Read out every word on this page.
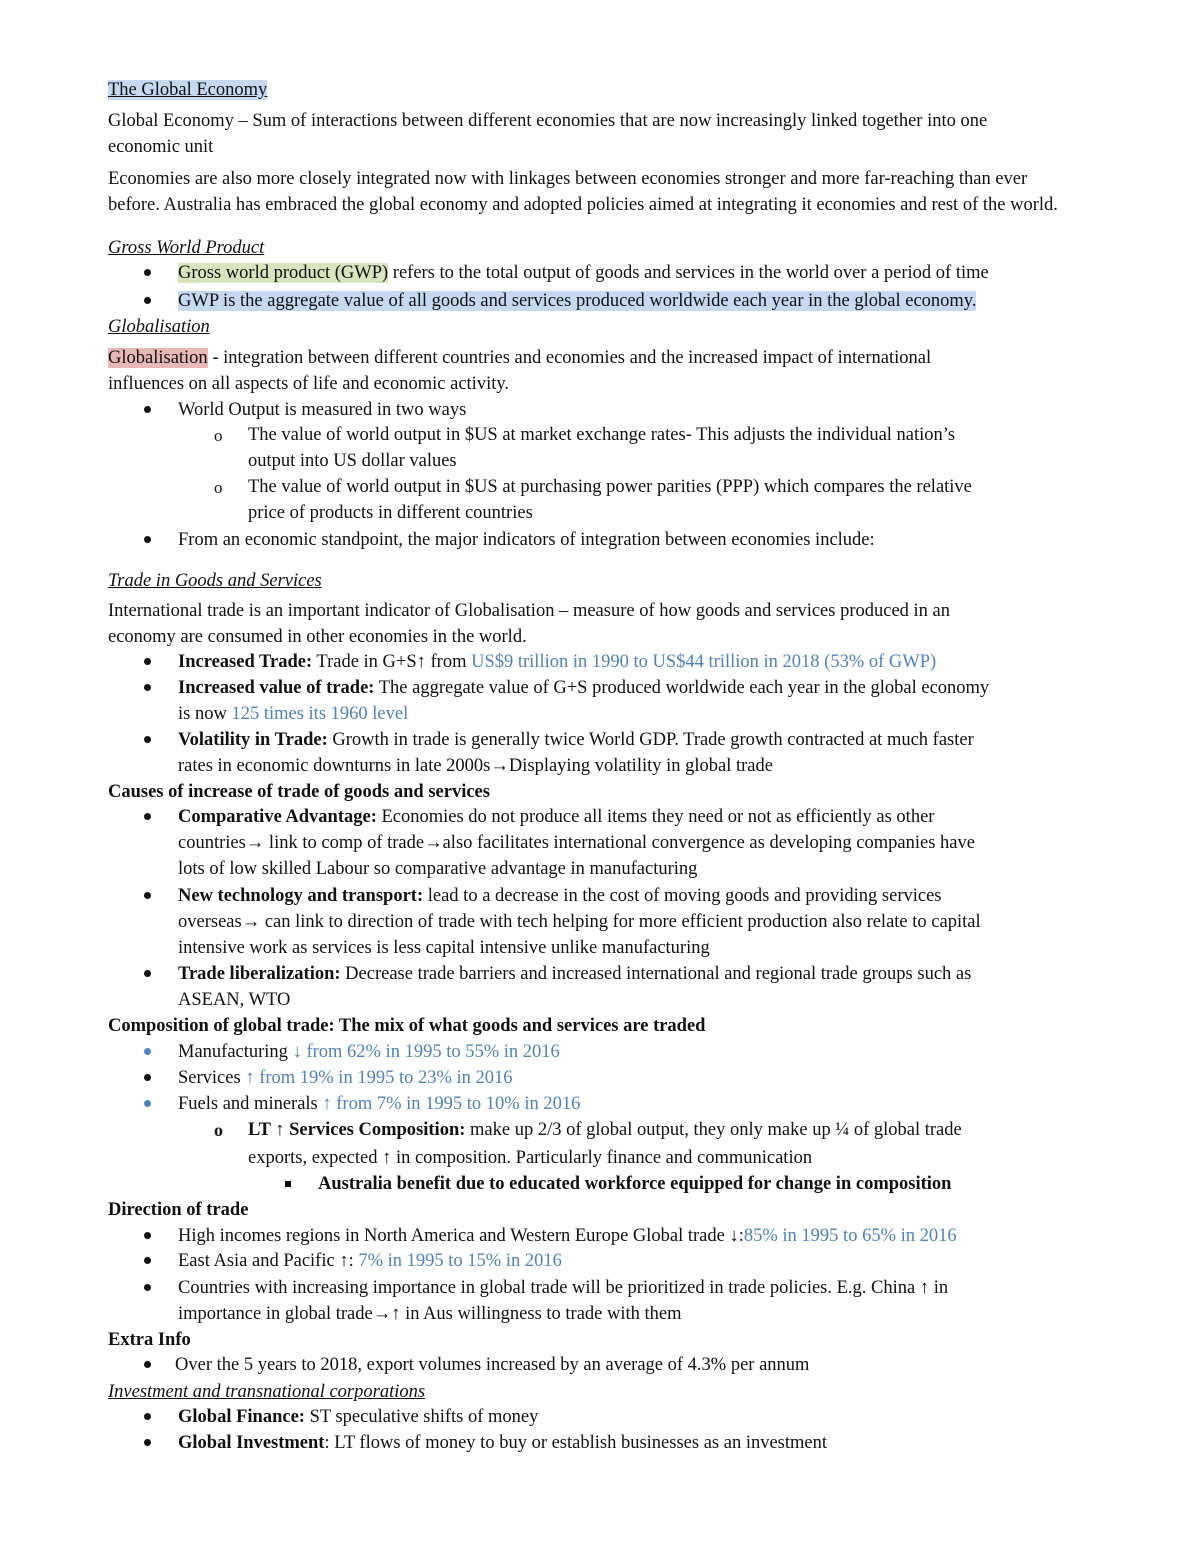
The Global Economy

Global Economy – Sum of interactions between different economies that are now increasingly linked together into one

economic unit

Economies are also more closely integrated now with linkages between economies stronger and more far-reaching than ever

before. Australia has embraced the global economy and adopted policies aimed at integrating it economies and rest of the world.

Gross World Product

Gross world product (GWP) refers to the total output of goods and services in the world over a period of time

GWP is the aggregate value of all goods and services produced worldwide each year in the global economy.

Globalisation

Globalisation - integration between different countries and economies and the increased impact of international

influences on all aspects of life and economic activity.

World Output is measured in two ways

o The value of world output in $US at market exchange rates- This adjusts the individual nation’s

output into US dollar values

o The value of world output in $US at purchasing power parities (PPP) which compares the relative

price of products in different countries

From an economic standpoint, the major indicators of integration between economies include:

Trade in Goods and Services

International trade is an important indicator of Globalisation – measure of how goods and services produced in an

economy are consumed in other economies in the world.

Increased Trade: Trade in G+S↑ from US$9 trillion in 1990 to US$44 trillion in 2018 (53% of GWP)

Increased value of trade: The aggregate value of G+S produced worldwide each year in the global economy

is now 125 times its 1960 level

Volatility in Trade: Growth in trade is generally twice World GDP. Trade growth contracted at much faster

rates in economic downturns in late 2000s→Displaying volatility in global trade

Causes of increase of trade of goods and services

Comparative Advantage: Economies do not produce all items they need or not as efficiently as other

countries→ link to comp of trade→also facilitates international convergence as developing companies have

lots of low skilled Labour so comparative advantage in manufacturing

New technology and transport: lead to a decrease in the cost of moving goods and providing services

overseas→ can link to direction of trade with tech helping for more efficient production also relate to capital

intensive work as services is less capital intensive unlike manufacturing

Trade liberalization: Decrease trade barriers and increased international and regional trade groups such as

ASEAN, WTO

Composition of global trade: The mix of what goods and services are traded

Manufacturing ↓ from 62% in 1995 to 55% in 2016

Services ↑ from 19% in 1995 to 23% in 2016

Fuels and minerals ↑ from 7% in 1995 to 10% in 2016

o LT ↑ Services Composition: make up 2/3 of global output, they only make up ¼ of global trade

exports, expected ↑ in composition. Particularly finance and communication

Australia benefit due to educated workforce equipped for change in composition

Direction of trade

High incomes regions in North America and Western Europe Global trade ↓:85% in 1995 to 65% in 2016

East Asia and Pacific ↑: 7% in 1995 to 15% in 2016

Countries with increasing importance in global trade will be prioritized in trade policies. E.g. China ↑ in

importance in global trade→↑ in Aus willingness to trade with them

Extra Info

Over the 5 years to 2018, export volumes increased by an average of 4.3% per annum

Investment and transnational corporations

Global Finance: ST speculative shifts of money

Global Investment: LT flows of money to buy or establish businesses as an investment
